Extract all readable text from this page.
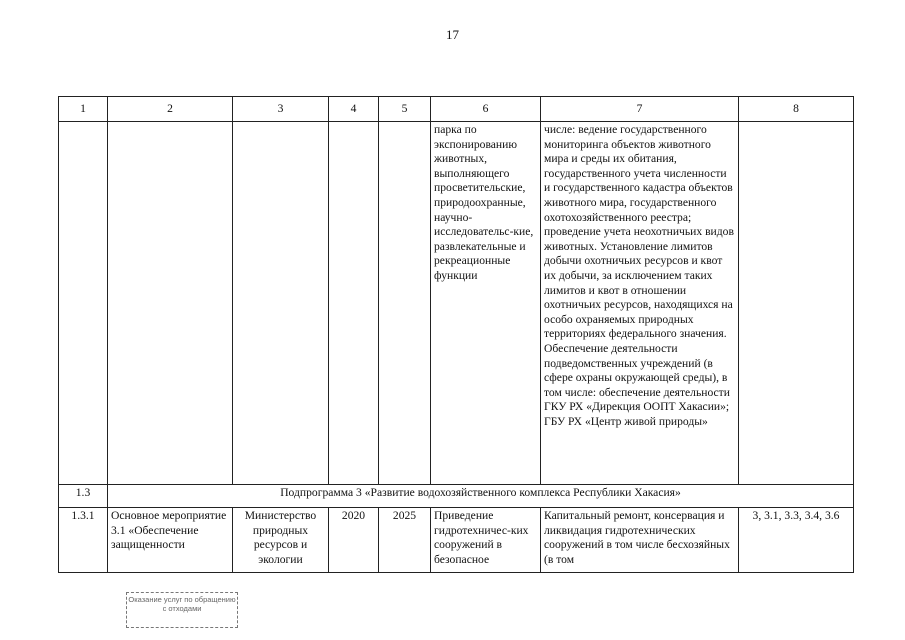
17
1	2	3	4	5	6	7	8
					парка по экспонированию животных, выполняющего просветительские, природоохранные, научно-исследовательс-кие, развлекательные и рекреационные функции	числе: ведение государственного мониторинга объектов животного мира и среды их обитания, государственного учета численности и государственного кадастра объектов животного мира, государственного охотохозяйственного реестра; проведение учета неохотничьих видов животных. Установление лимитов добычи охотничьих ресурсов и квот их добычи, за исключением таких лимитов и квот в отношении охотничьих ресурсов, находящихся на особо охраняемых природных территориях федерального значения. Обеспечение деятельности подведомственных учреждений (в сфере охраны окружающей среды), в том числе: обеспечение деятельности ГКУ РХ «Дирекция ООПТ Хакасии»; ГБУ РХ «Центр живой природы»	
1.3	Подпрограмма 3 «Развитие водохозяйственного комплекса Республики Хакасия»						
1.3.1	Основное мероприятие 3.1 «Обеспечение защищенности	Министерство природных ресурсов и экологии	2020	2025	Приведение гидротехничес-ких сооружений в безопасное	Капитальный ремонт, консервация и ликвидация гидротехнических сооружений в том числе бесхозяйных (в том	3, 3.1, 3.3, 3.4, 3.6
Оказание услуг по обращению с отходами
